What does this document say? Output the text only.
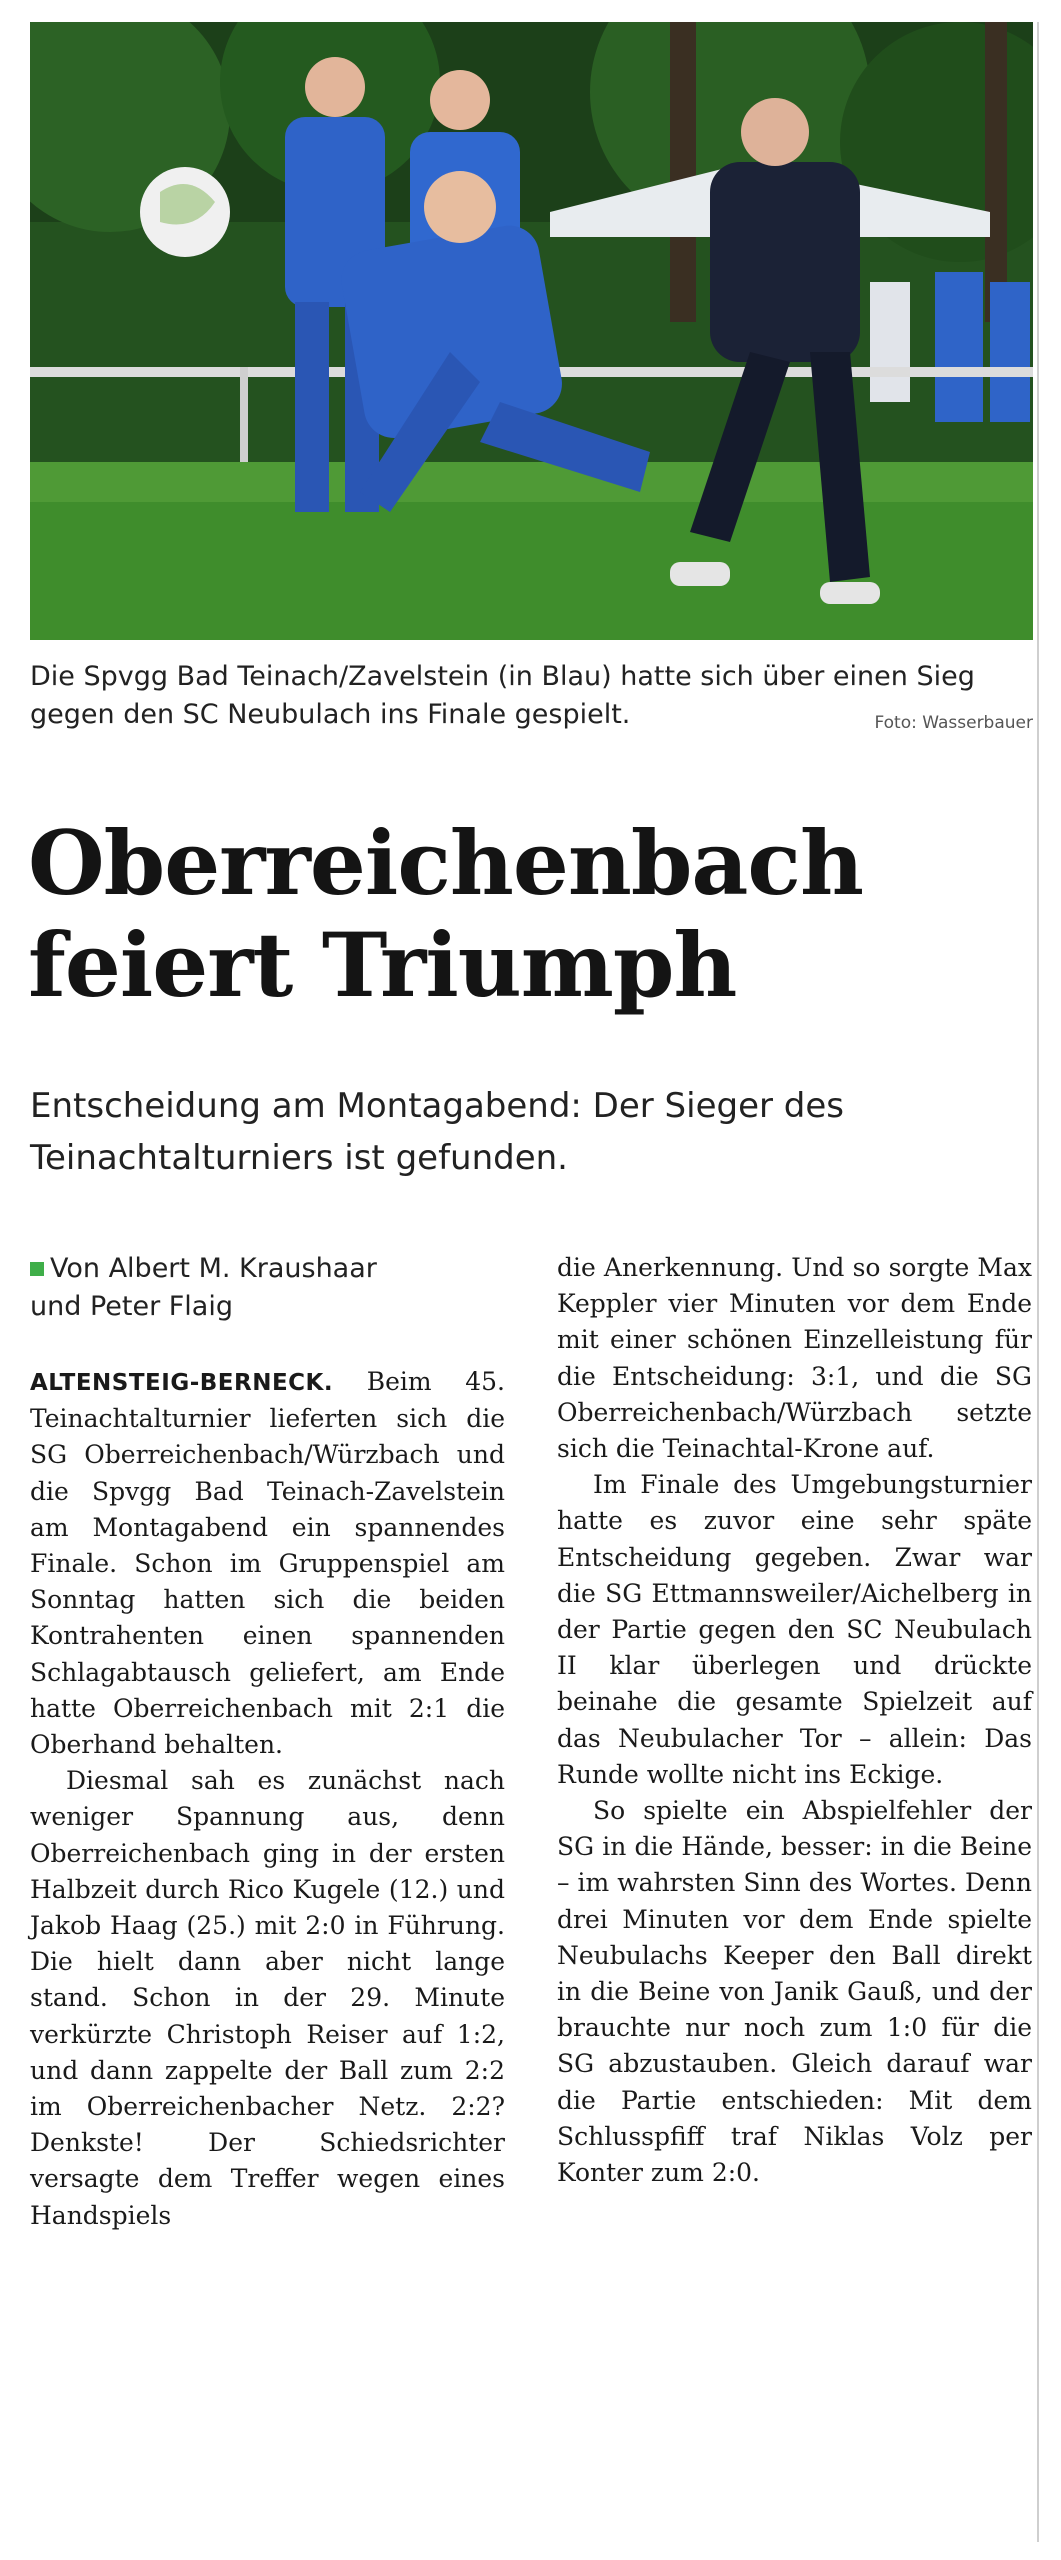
Die Spvgg Bad Teinach/Zavelstein (in Blau) hatte sich über einen Sieg gegen den SC Neubulach ins Finale gespielt.	Foto: Wasserbauer
Oberreichenbach
feiert Triumph
Entscheidung am Montagabend: Der Sieger des Teinachtalturniers ist gefunden.
Von Albert M. Kraushaar
und Peter Flaig

ALTENSTEIG-BERNECK. Beim 45. Teinachtalturnier lieferten sich die SG Oberreichenbach/Würzbach und die Spvgg Bad Teinach-Zavelstein am Montagabend ein spannendes Finale. Schon im Gruppenspiel am Sonntag hatten sich die beiden Kontrahenten einen spannenden Schlagabtausch geliefert, am Ende hatte Oberreichenbach mit 2:1 die Oberhand behalten.

Diesmal sah es zunächst nach weniger Spannung aus, denn Oberreichenbach ging in der ersten Halbzeit durch Rico Kugele (12.) und Jakob Haag (25.) mit 2:0 in Führung. Die hielt dann aber nicht lange stand. Schon in der 29. Minute verkürzte Christoph Reiser auf 1:2, und dann zappelte der Ball zum 2:2 im Oberreichenbacher Netz. 2:2? Denkste! Der Schiedsrichter versagte dem Treffer wegen eines Handspiels

die Anerkennung. Und so sorgte Max Keppler vier Minuten vor dem Ende mit einer schönen Einzelleistung für die Entscheidung: 3:1, und die SG Oberreichenbach/Würzbach setzte sich die Teinachtal-Krone auf.

Im Finale des Umgebungsturnier hatte es zuvor eine sehr späte Entscheidung gegeben. Zwar war die SG Ettmannsweiler/Aichelberg in der Partie gegen den SC Neubulach II klar überlegen und drückte beinahe die gesamte Spielzeit auf das Neubulacher Tor – allein: Das Runde wollte nicht ins Eckige.

So spielte ein Abspielfehler der SG in die Hände, besser: in die Beine – im wahrsten Sinn des Wortes. Denn drei Minuten vor dem Ende spielte Neubulachs Keeper den Ball direkt in die Beine von Janik Gauß, und der brauchte nur noch zum 1:0 für die SG abzustauben. Gleich darauf war die Partie entschieden: Mit dem Schlusspfiff traf Niklas Volz per Konter zum 2:0.
